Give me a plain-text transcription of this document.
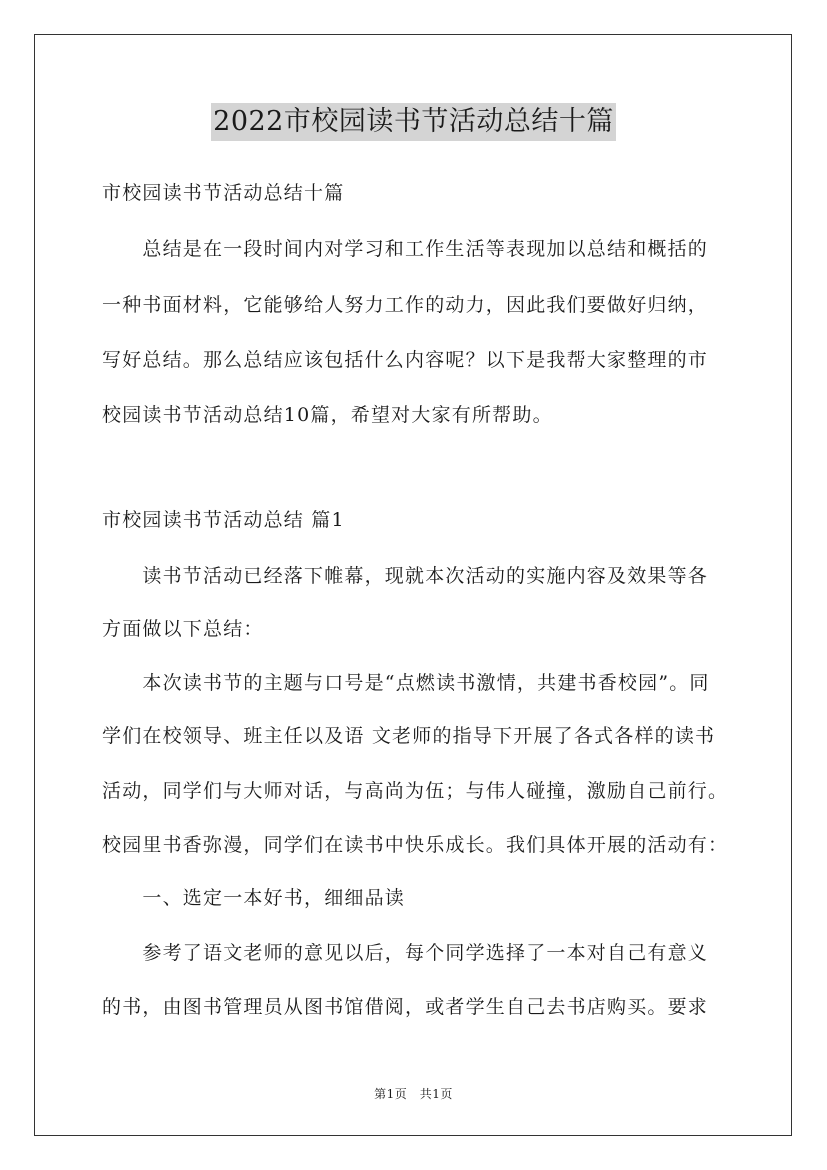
2022市校园读书节活动总结十篇
市校园读书节活动总结十篇
　　总结是在一段时间内对学习和工作生活等表现加以总结和概括的
一种书面材料，它能够给人努力工作的动力，因此我们要做好归纳，
写好总结。那么总结应该包括什么内容呢？以下是我帮大家整理的市
校园读书节活动总结10篇，希望对大家有所帮助。
市校园读书节活动总结 篇1
　　读书节活动已经落下帷幕，现就本次活动的实施内容及效果等各
方面做以下总结：
　　本次读书节的主题与口号是“点燃读书激情，共建书香校园”。同
学们在校领导、班主任以及语 文老师的指导下开展了各式各样的读书
活动，同学们与大师对话，与高尚为伍；与伟人碰撞，激励自己前行。
校园里书香弥漫，同学们在读书中快乐成长。我们具体开展的活动有：
　　一、选定一本好书，细细品读
　　参考了语文老师的意见以后，每个同学选择了一本对自己有意义
的书，由图书管理员从图书馆借阅，或者学生自己去书店购买。要求
第1页　共1页
